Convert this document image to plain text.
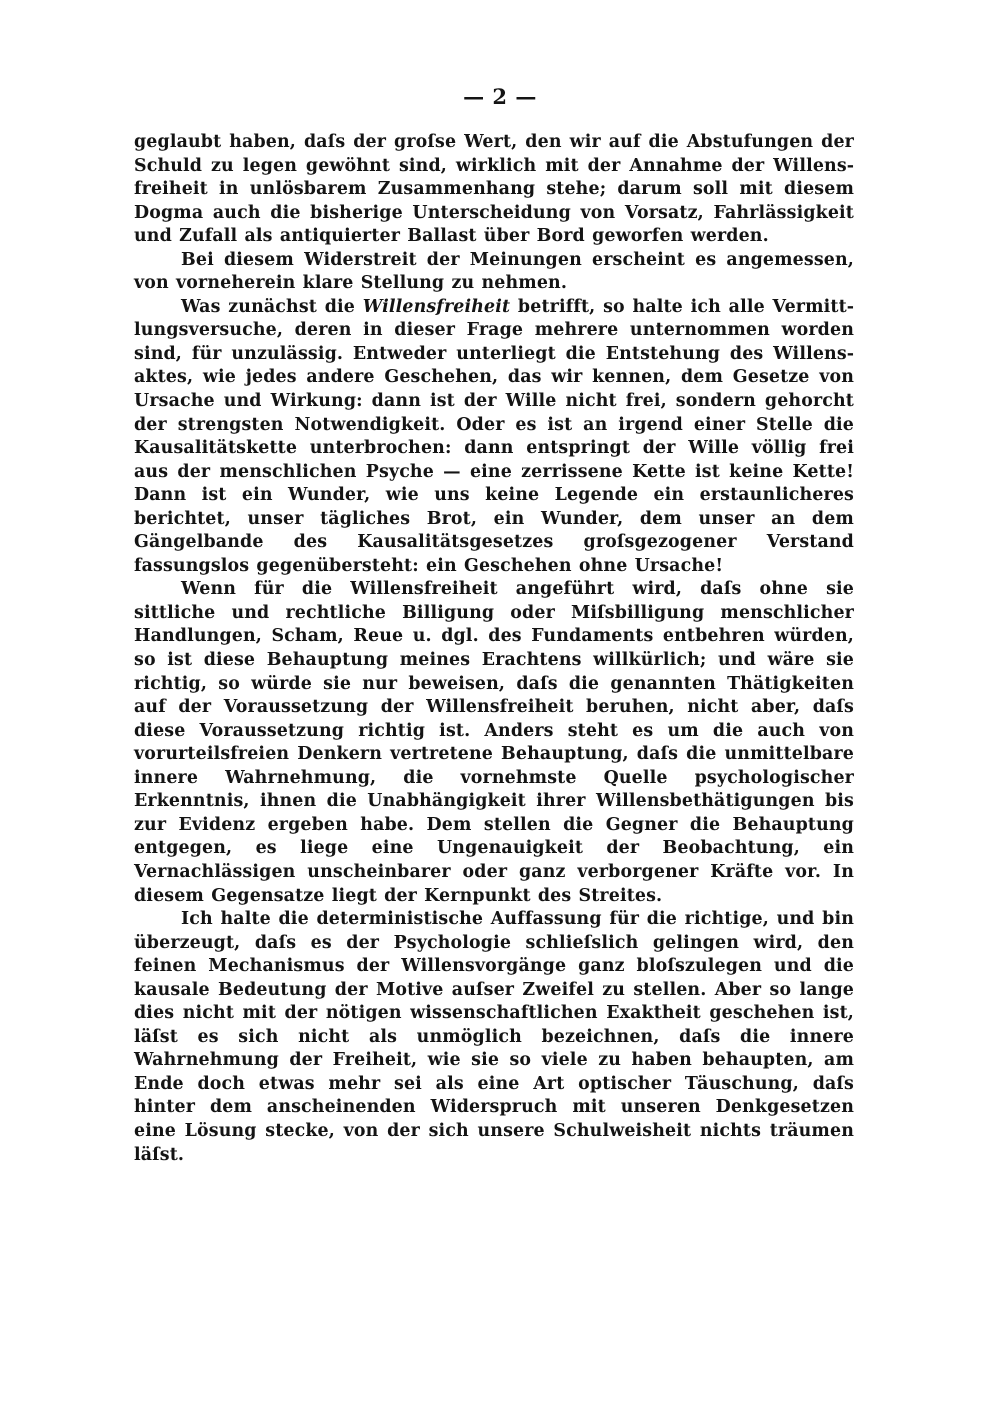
— 2 —

geglaubt haben, daſs der groſse Wert, den wir auf die Abstufungen der Schuld zu legen gewöhnt sind, wirklich mit der Annahme der Willensfreiheit in unlösbarem Zusammenhang stehe; darum soll mit diesem Dogma auch die bisherige Unterscheidung von Vorsatz, Fahrlässigkeit und Zufall als antiquierter Ballast über Bord geworfen werden.

Bei diesem Widerstreit der Meinungen erscheint es angemessen, von vorneherein klare Stellung zu nehmen.

Was zunächst die Willensfreiheit betrifft, so halte ich alle Vermittlungsversuche, deren in dieser Frage mehrere unternommen worden sind, für unzulässig. Entweder unterliegt die Entstehung des Willensaktes, wie jedes andere Geschehen, das wir kennen, dem Gesetze von Ursache und Wirkung: dann ist der Wille nicht frei, sondern gehorcht der strengsten Notwendigkeit. Oder es ist an irgend einer Stelle die Kausalitätskette unterbrochen: dann entspringt der Wille völlig frei aus der menschlichen Psyche — eine zerrissene Kette ist keine Kette! Dann ist ein Wunder, wie uns keine Legende ein erstaunlicheres berichtet, unser tägliches Brot, ein Wunder, dem unser an dem Gängelbande des Kausalitätsgesetzes groſsgezogener Verstand fassungslos gegenübersteht: ein Geschehen ohne Ursache!

Wenn für die Willensfreiheit angeführt wird, daſs ohne sie sittliche und rechtliche Billigung oder Miſsbilligung menschlicher Handlungen, Scham, Reue u. dgl. des Fundaments entbehren würden, so ist diese Behauptung meines Erachtens willkürlich; und wäre sie richtig, so würde sie nur beweisen, daſs die genannten Thätigkeiten auf der Voraussetzung der Willensfreiheit beruhen, nicht aber, daſs diese Voraussetzung richtig ist. Anders steht es um die auch von vorurteilsfreien Denkern vertretene Behauptung, daſs die unmittelbare innere Wahrnehmung, die vornehmste Quelle psychologischer Erkenntnis, ihnen die Unabhängigkeit ihrer Willensbethätigungen bis zur Evidenz ergeben habe. Dem stellen die Gegner die Behauptung entgegen, es liege eine Ungenauigkeit der Beobachtung, ein Vernachlässigen unscheinbarer oder ganz verborgener Kräfte vor. In diesem Gegensatze liegt der Kernpunkt des Streites.

Ich halte die deterministische Auffassung für die richtige, und bin überzeugt, daſs es der Psychologie schlieſslich gelingen wird, den feinen Mechanismus der Willensvorgänge ganz bloſszulegen und die kausale Bedeutung der Motive auſser Zweifel zu stellen. Aber so lange dies nicht mit der nötigen wissenschaftlichen Exaktheit geschehen ist, läſst es sich nicht als unmöglich bezeichnen, daſs die innere Wahrnehmung der Freiheit, wie sie so viele zu haben behaupten, am Ende doch etwas mehr sei als eine Art optischer Täuschung, daſs hinter dem anscheinenden Widerspruch mit unseren Denkgesetzen eine Lösung stecke, von der sich unsere Schulweisheit nichts träumen läſst.
